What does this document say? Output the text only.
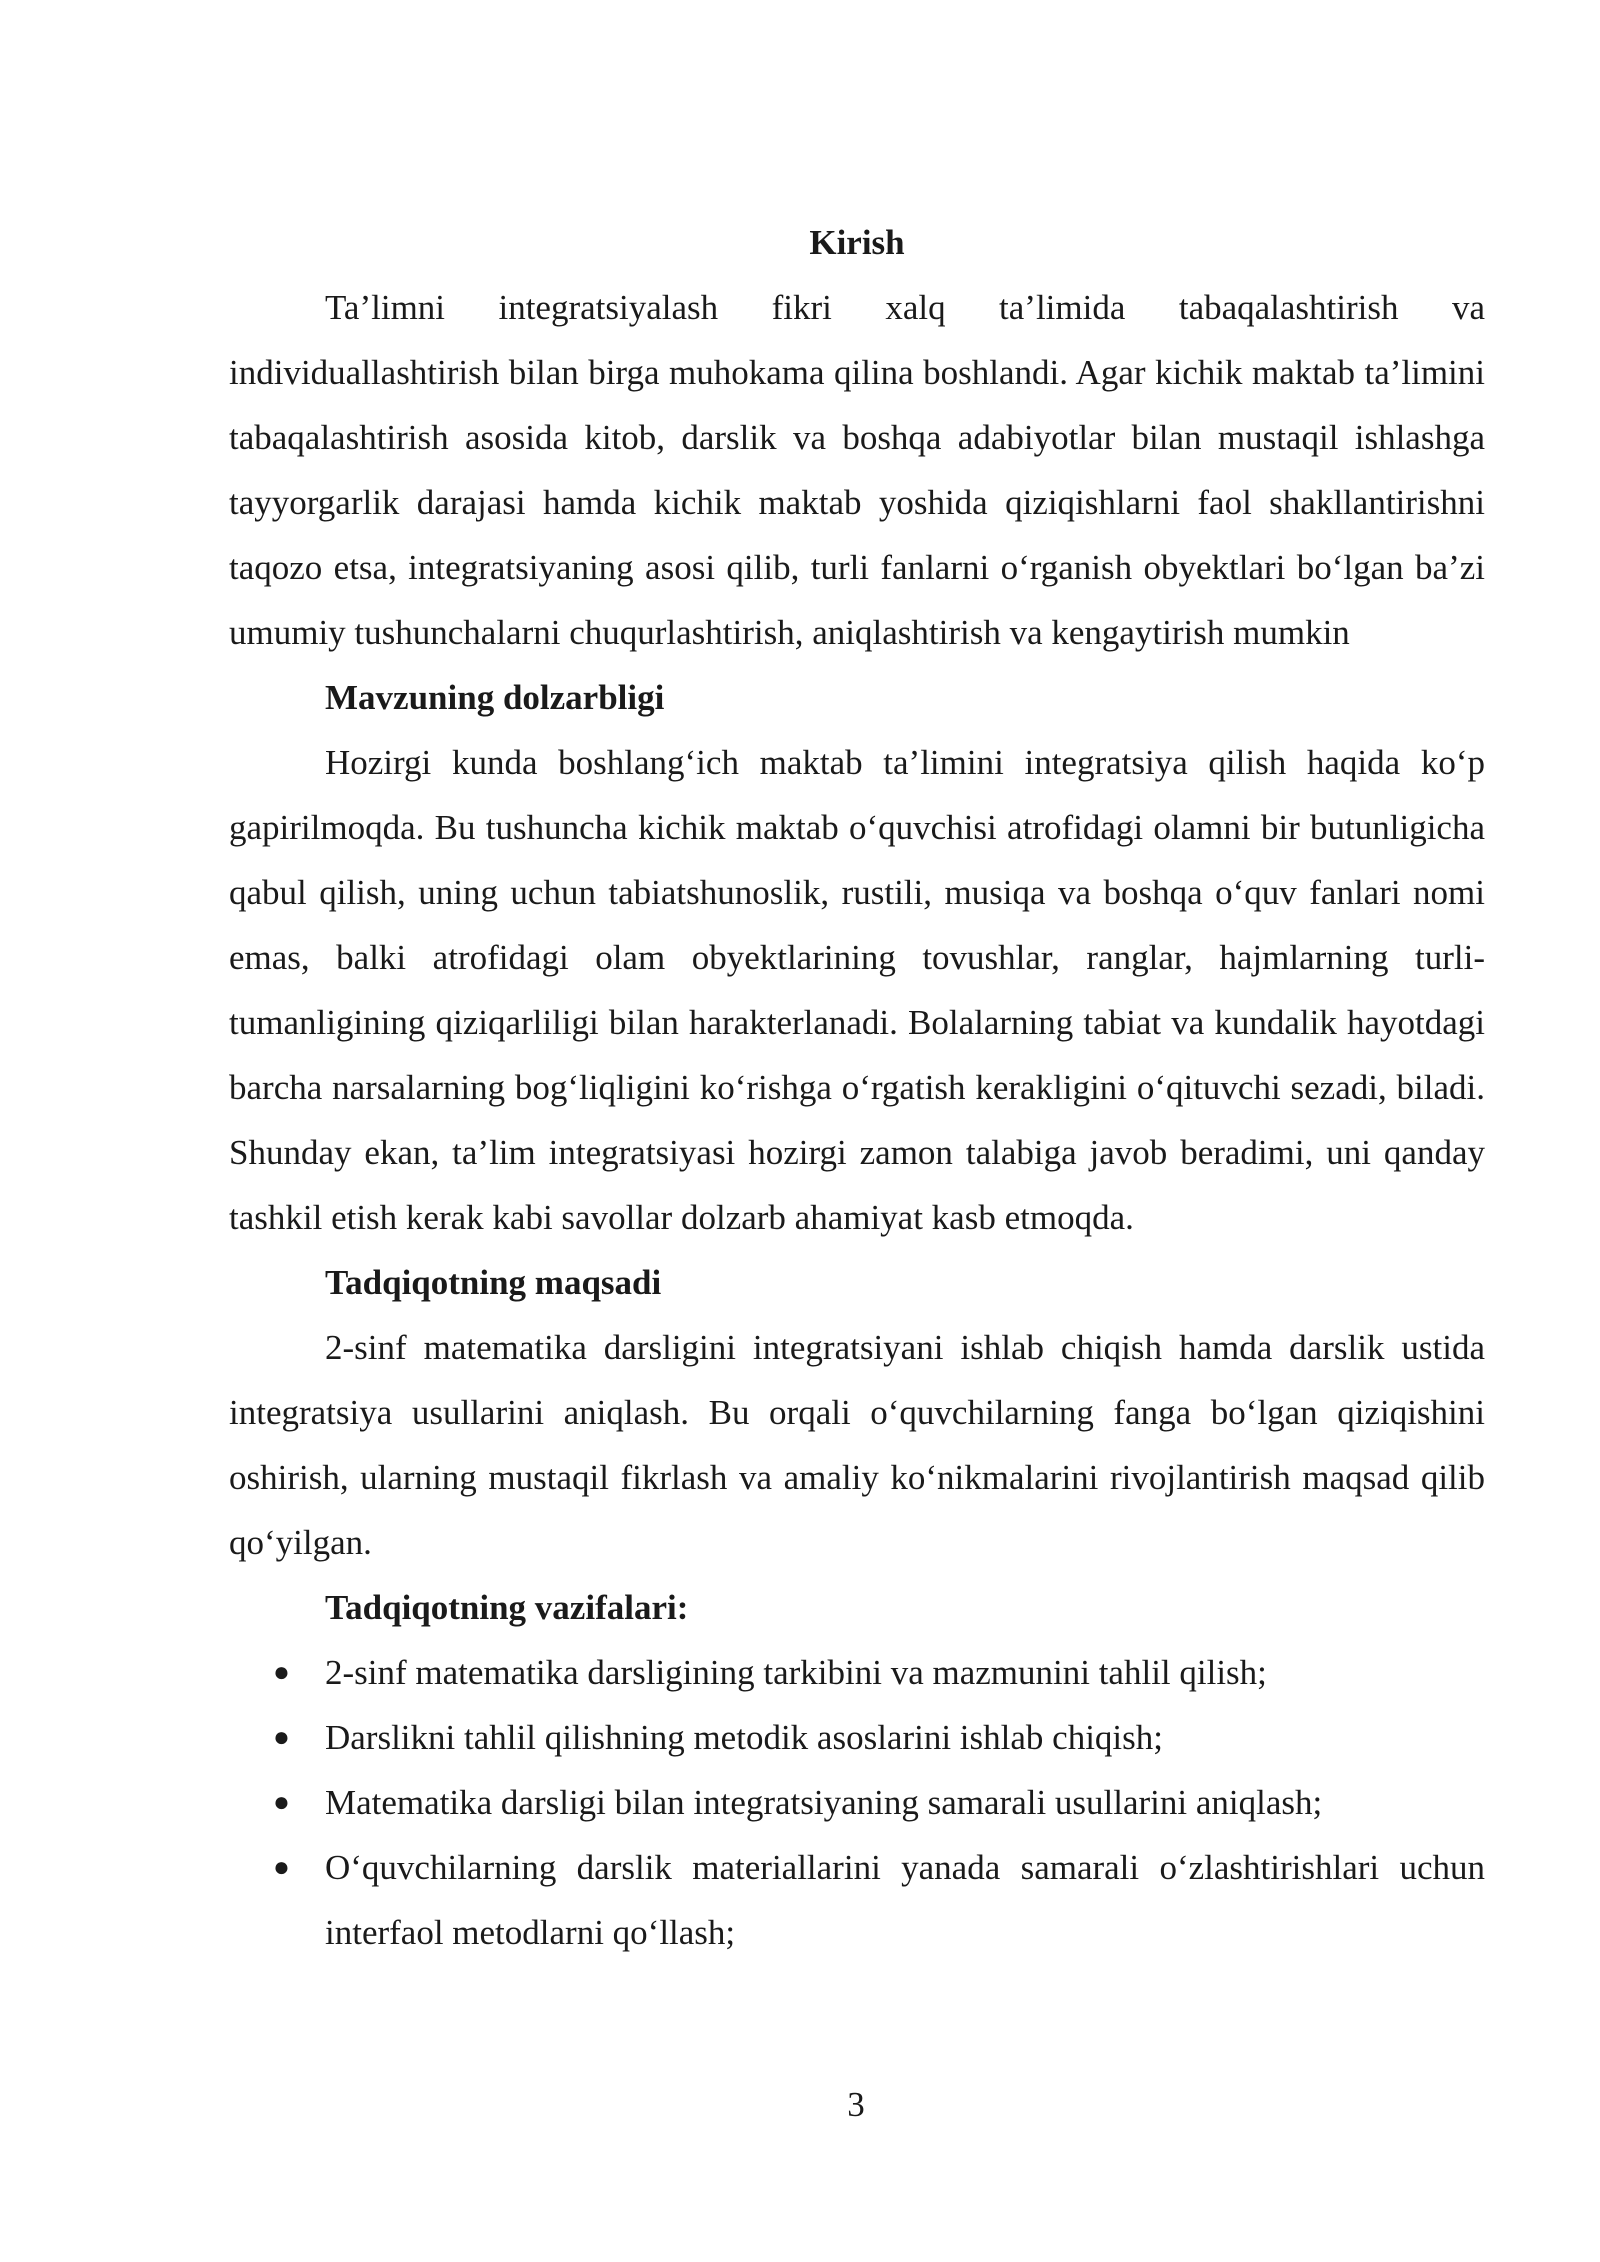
Kirish

Ta’limni integratsiyalash fikri xalq ta’limida tabaqalashtirish va individuallashtirish bilan birga muhokama qilina boshlandi. Agar kichik maktab ta’limini tabaqalashtirish asosida kitob, darslik va boshqa adabiyotlar bilan mustaqil ishlashga tayyorgarlik darajasi hamda kichik maktab yoshida qiziqishlarni faol shakllantirishni taqozo etsa, integratsiyaning asosi qilib, turli fanlarni oʻrganish obyektlari boʻlgan ba’zi umumiy tushunchalarni chuqurlashtirish, aniqlashtirish va kengaytirish mumkin

Mavzuning dolzarbligi

Hozirgi kunda boshlangʻich maktab ta’limini integratsiya qilish haqida koʻp gapirilmoqda. Bu tushuncha kichik maktab oʻquvchisi atrofidagi olamni bir butunligicha qabul qilish, uning uchun tabiatshunoslik, rustili, musiqa va boshqa oʻquv fanlari nomi emas, balki atrofidagi olam obyektlarining tovushlar, ranglar, hajmlarning turli-tumanligining qiziqarliligi bilan harakterlanadi. Bolalarning tabiat va kundalik hayotdagi barcha narsalarning bogʻliqligini koʻrishga oʻrgatish kerakligini oʻqituvchi sezadi, biladi. Shunday ekan, ta’lim integratsiyasi hozirgi zamon talabiga javob beradimi, uni qanday tashkil etish kerak kabi savollar dolzarb ahamiyat kasb etmoqda.

Tadqiqotning maqsadi

2-sinf matematika darsligini integratsiyani ishlab chiqish hamda darslik ustida integratsiya usullarini aniqlash. Bu orqali oʻquvchilarning fanga boʻlgan qiziqishini oshirish, ularning mustaqil fikrlash va amaliy koʻnikmalarini rivojlantirish maqsad qilib qoʻyilgan.

Tadqiqotning vazifalari:
● 2-sinf matematika darsligining tarkibini va mazmunini tahlil qilish;
● Darslikni tahlil qilishning metodik asoslarini ishlab chiqish;
● Matematika darsligi bilan integratsiyaning samarali usullarini aniqlash;
● Oʻquvchilarning darslik materiallarini yanada samarali oʻzlashtirishlari uchun interfaol metodlarni qoʻllash;

3
